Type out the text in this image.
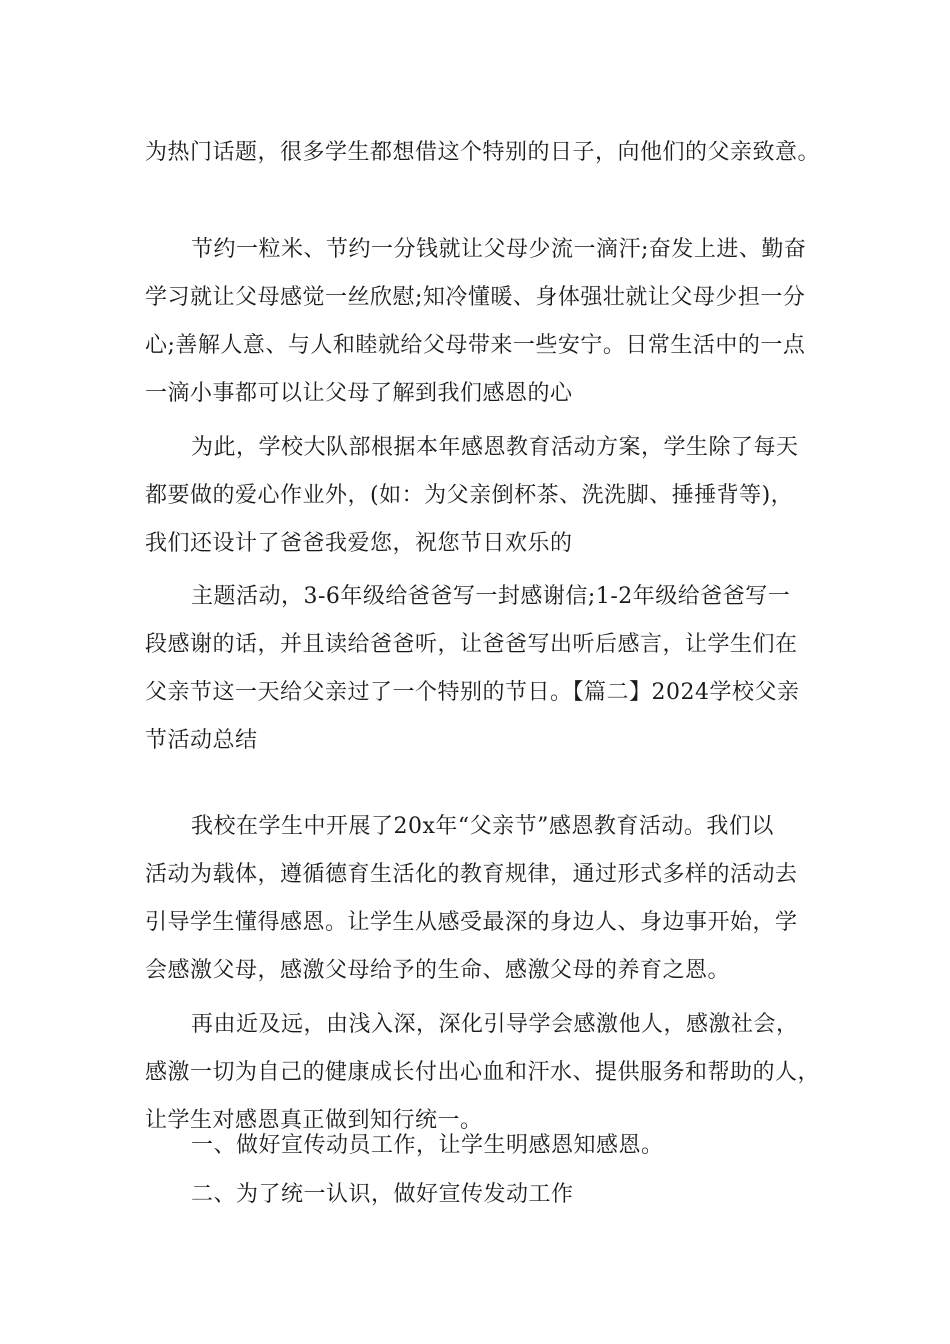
为热门话题，很多学生都想借这个特别的日子，向他们的父亲致意。
节约一粒米、节约一分钱就让父母少流一滴汗;奋发上进、勤奋
学习就让父母感觉一丝欣慰;知冷懂暖、身体强壮就让父母少担一分
心;善解人意、与人和睦就给父母带来一些安宁。日常生活中的一点
一滴小事都可以让父母了解到我们感恩的心
为此，学校大队部根据本年感恩教育活动方案，学生除了每天
都要做的爱心作业外，(如：为父亲倒杯茶、洗洗脚、捶捶背等)，
我们还设计了爸爸我爱您，祝您节日欢乐的
主题活动，3-6年级给爸爸写一封感谢信;1-2年级给爸爸写一
段感谢的话，并且读给爸爸听，让爸爸写出听后感言，让学生们在
父亲节这一天给父亲过了一个特别的节日。【篇二】2024学校父亲
节活动总结
我校在学生中开展了20x年“父亲节”感恩教育活动。我们以
活动为载体，遵循德育生活化的教育规律，通过形式多样的活动去
引导学生懂得感恩。让学生从感受最深的身边人、身边事开始，学
会感激父母，感激父母给予的生命、感激父母的养育之恩。
再由近及远，由浅入深，深化引导学会感激他人，感激社会，
感激一切为自己的健康成长付出心血和汗水、提供服务和帮助的人，
让学生对感恩真正做到知行统一。
一、做好宣传动员工作，让学生明感恩知感恩。
二、为了统一认识，做好宣传发动工作
